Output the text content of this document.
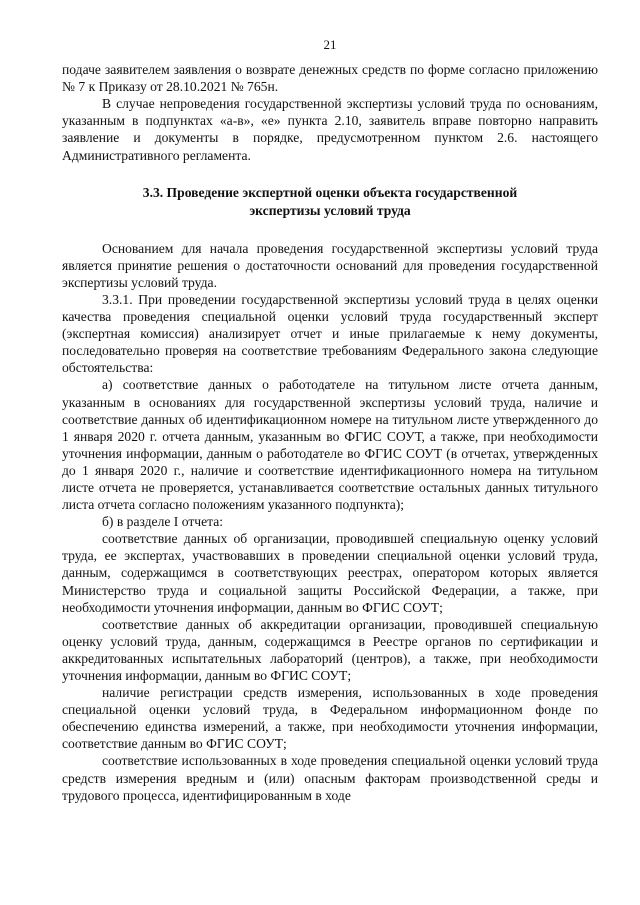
21

подаче заявителем заявления о возврате денежных средств по форме согласно приложению № 7 к Приказу от 28.10.2021 № 765н.

В случае непроведения государственной экспертизы условий труда по основаниям, указанным в подпунктах «а-в», «е» пункта 2.10, заявитель вправе повторно направить заявление и документы в порядке, предусмотренном пунктом 2.6. настоящего Административного регламента.

3.3. Проведение экспертной оценки объекта государственной
экспертизы условий труда

Основанием для начала проведения государственной экспертизы условий труда является принятие решения о достаточности оснований для проведения государственной экспертизы условий труда.

3.3.1. При проведении государственной экспертизы условий труда в целях оценки качества проведения специальной оценки условий труда государственный эксперт (экспертная комиссия) анализирует отчет и иные прилагаемые к нему документы, последовательно проверяя на соответствие требованиям Федерального закона следующие обстоятельства:

а) соответствие данных о работодателе на титульном листе отчета данным, указанным в основаниях для государственной экспертизы условий труда, наличие и соответствие данных об идентификационном номере на титульном листе утвержденного до 1 января 2020 г. отчета данным, указанным во ФГИС СОУТ, а также, при необходимости уточнения информации, данным о работодателе во ФГИС СОУТ (в отчетах, утвержденных до 1 января 2020 г., наличие и соответствие идентификационного номера на титульном листе отчета не проверяется, устанавливается соответствие остальных данных титульного листа отчета согласно положениям указанного подпункта);

б) в разделе I отчета:

соответствие данных об организации, проводившей специальную оценку условий труда, ее экспертах, участвовавших в проведении специальной оценки условий труда, данным, содержащимся в соответствующих реестрах, оператором которых является Министерство труда и социальной защиты Российской Федерации, а также, при необходимости уточнения информации, данным во ФГИС СОУТ;

соответствие данных об аккредитации организации, проводившей специальную оценку условий труда, данным, содержащимся в Реестре органов по сертификации и аккредитованных испытательных лабораторий (центров), а также, при необходимости уточнения информации, данным во ФГИС СОУТ;

наличие регистрации средств измерения, использованных в ходе проведения специальной оценки условий труда, в Федеральном информационном фонде по обеспечению единства измерений, а также, при необходимости уточнения информации, соответствие данным во ФГИС СОУТ;

соответствие использованных в ходе проведения специальной оценки условий труда средств измерения вредным и (или) опасным факторам производственной среды и трудового процесса, идентифицированным в ходе
